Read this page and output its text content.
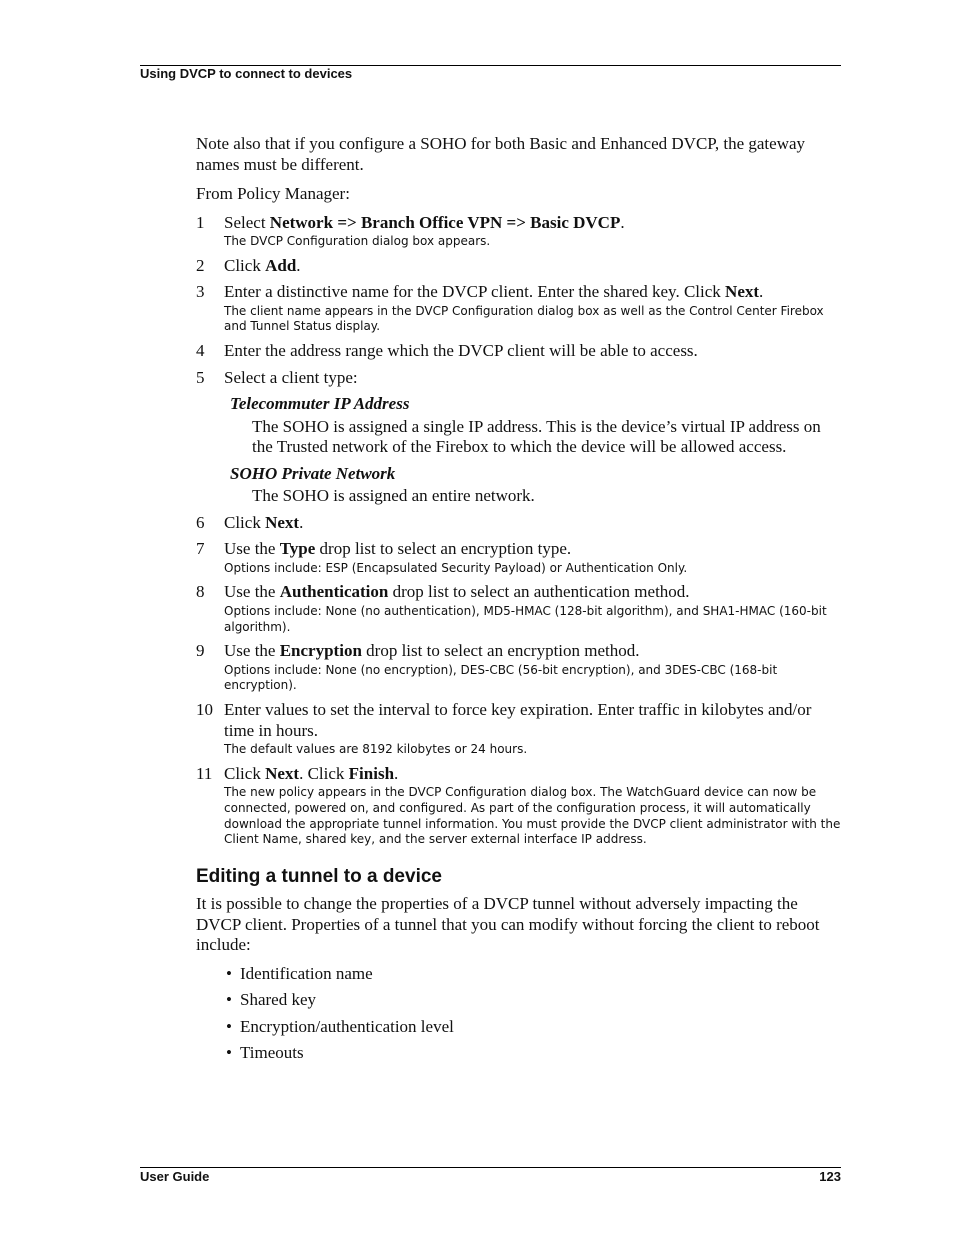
Using DVCP to connect to devices

Note also that if you configure a SOHO for both Basic and Enhanced DVCP, the gateway names must be different.

From Policy Manager:

1 Select Network => Branch Office VPN => Basic DVCP.
The DVCP Configuration dialog box appears.
2 Click Add.
3 Enter a distinctive name for the DVCP client. Enter the shared key. Click Next.
The client name appears in the DVCP Configuration dialog box as well as the Control Center Firebox and Tunnel Status display.
4 Enter the address range which the DVCP client will be able to access.
5 Select a client type:
Telecommuter IP Address
The SOHO is assigned a single IP address. This is the device’s virtual IP address on the Trusted network of the Firebox to which the device will be allowed access.
SOHO Private Network
The SOHO is assigned an entire network.
6 Click Next.
7 Use the Type drop list to select an encryption type.
Options include: ESP (Encapsulated Security Payload) or Authentication Only.
8 Use the Authentication drop list to select an authentication method.
Options include: None (no authentication), MD5-HMAC (128-bit algorithm), and SHA1-HMAC (160-bit algorithm).
9 Use the Encryption drop list to select an encryption method.
Options include: None (no encryption), DES-CBC (56-bit encryption), and 3DES-CBC (168-bit encryption).
10 Enter values to set the interval to force key expiration. Enter traffic in kilobytes and/or time in hours.
The default values are 8192 kilobytes or 24 hours.
11 Click Next. Click Finish.
The new policy appears in the DVCP Configuration dialog box. The WatchGuard device can now be connected, powered on, and configured. As part of the configuration process, it will automatically download the appropriate tunnel information. You must provide the DVCP client administrator with the Client Name, shared key, and the server external interface IP address.
Editing a tunnel to a device

It is possible to change the properties of a DVCP tunnel without adversely impacting the DVCP client. Properties of a tunnel that you can modify without forcing the client to reboot include:

• Identification name
• Shared key
• Encryption/authentication level
• Timeouts
User Guide	123
